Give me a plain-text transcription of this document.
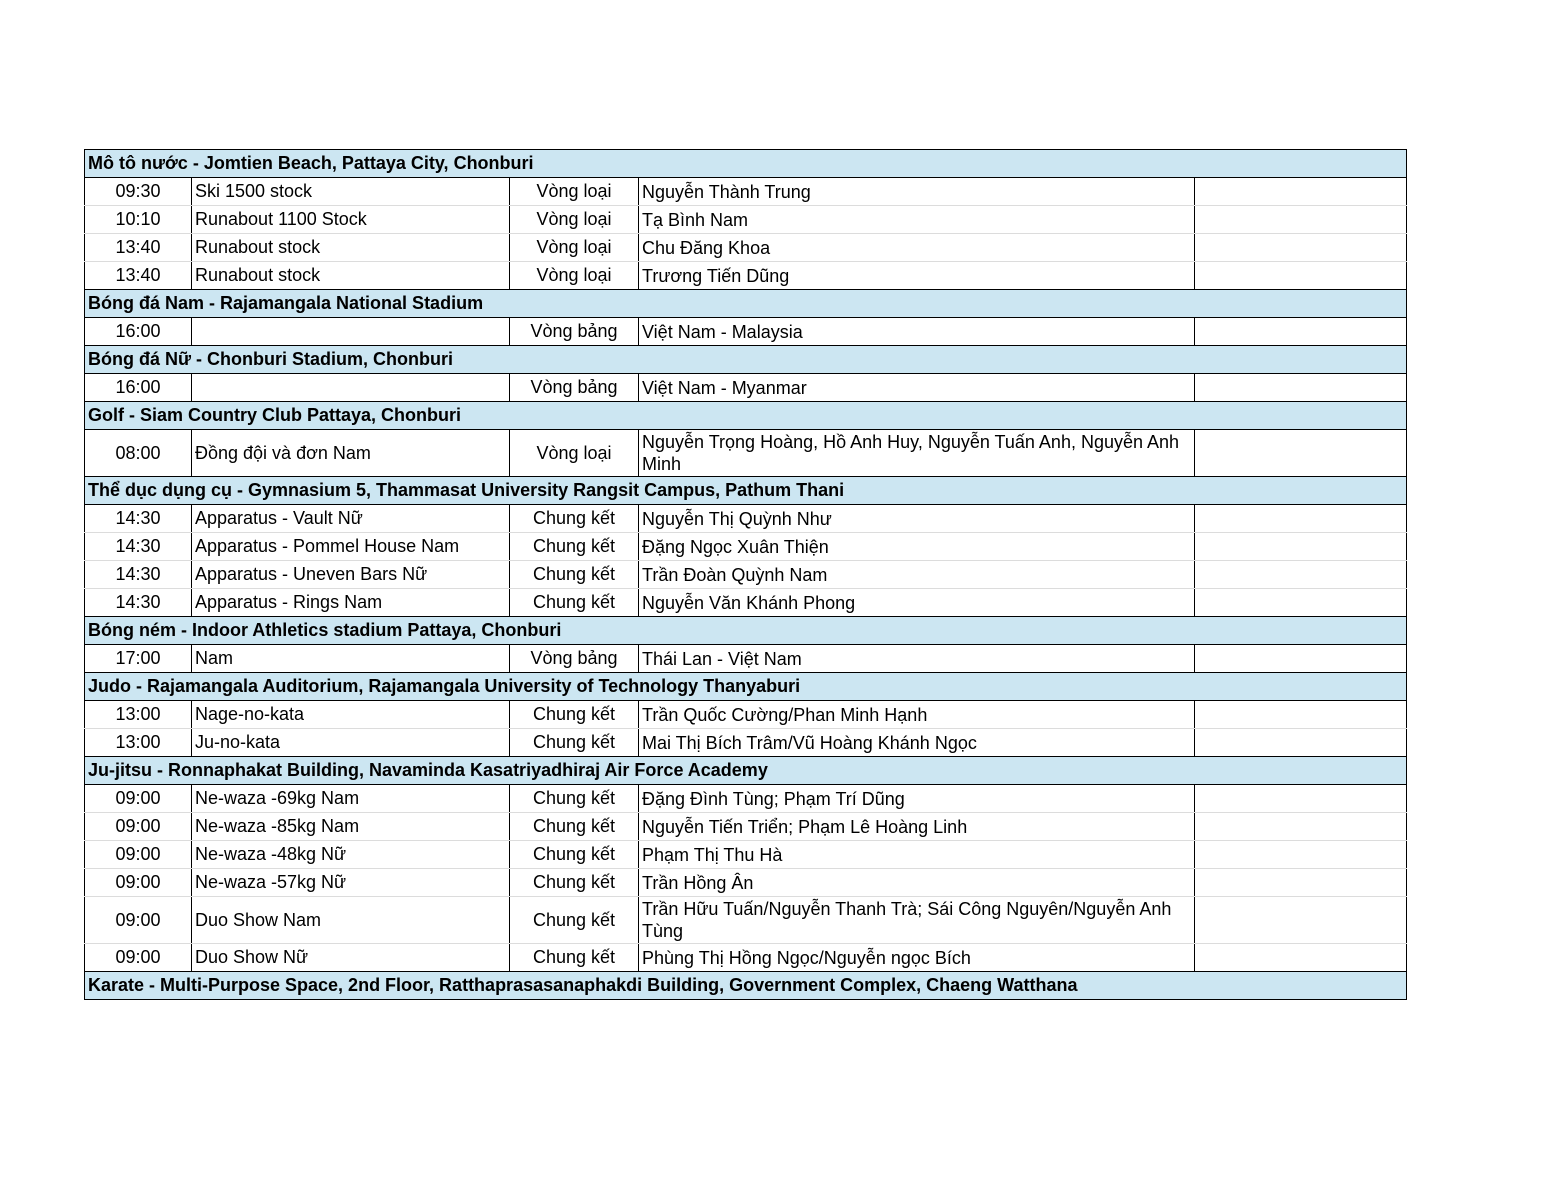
Mô tô nước - Jomtien Beach, Pattaya City, Chonburi				
09:30	Ski 1500 stock	Vòng loại	Nguyễn Thành Trung	
10:10	Runabout 1100 Stock	Vòng loại	Tạ Bình Nam	
13:40	Runabout stock	Vòng loại	Chu Đăng Khoa	
13:40	Runabout stock	Vòng loại	Trương Tiến Dũng	
Bóng đá Nam - Rajamangala National Stadium				
16:00		Vòng bảng	Việt Nam - Malaysia	
Bóng đá Nữ - Chonburi Stadium, Chonburi				
16:00		Vòng bảng	Việt Nam - Myanmar	
Golf - Siam Country Club Pattaya, Chonburi				
08:00	Đồng đội và đơn Nam	Vòng loại	Nguyễn Trọng Hoàng, Hồ Anh Huy, Nguyễn Tuấn Anh, Nguyễn Anh Minh	
Thể dục dụng cụ - Gymnasium 5, Thammasat University Rangsit Campus, Pathum Thani				
14:30	Apparatus - Vault Nữ	Chung kết	Nguyễn Thị Quỳnh Như	
14:30	Apparatus - Pommel House Nam	Chung kết	Đặng Ngọc Xuân Thiện	
14:30	Apparatus - Uneven Bars Nữ	Chung kết	Trần Đoàn Quỳnh Nam	
14:30	Apparatus - Rings Nam	Chung kết	Nguyễn Văn Khánh Phong	
Bóng ném - Indoor Athletics stadium Pattaya, Chonburi				
17:00	Nam	Vòng bảng	Thái Lan - Việt Nam	
Judo - Rajamangala Auditorium, Rajamangala University of Technology Thanyaburi				
13:00	Nage-no-kata	Chung kết	Trần Quốc Cường/Phan Minh Hạnh	
13:00	Ju-no-kata	Chung kết	Mai Thị Bích Trâm/Vũ Hoàng Khánh Ngọc	
Ju-jitsu - Ronnaphakat Building, Navaminda Kasatriyadhiraj Air Force Academy				
09:00	Ne-waza -69kg Nam	Chung kết	Đặng Đình Tùng; Phạm Trí Dũng	
09:00	Ne-waza -85kg Nam	Chung kết	Nguyễn Tiến Triển; Phạm Lê Hoàng Linh	
09:00	Ne-waza -48kg Nữ	Chung kết	Phạm Thị Thu Hà	
09:00	Ne-waza -57kg Nữ	Chung kết	Trần Hồng Ân	
09:00	Duo Show Nam	Chung kết	Trần Hữu Tuấn/Nguyễn Thanh Trà; Sái Công Nguyên/Nguyễn Anh Tùng	
09:00	Duo Show Nữ	Chung kết	Phùng Thị Hồng Ngọc/Nguyễn ngọc Bích	
Karate - Multi-Purpose Space, 2nd Floor, Ratthaprasasanaphakdi Building, Government Complex, Chaeng Watthana				
